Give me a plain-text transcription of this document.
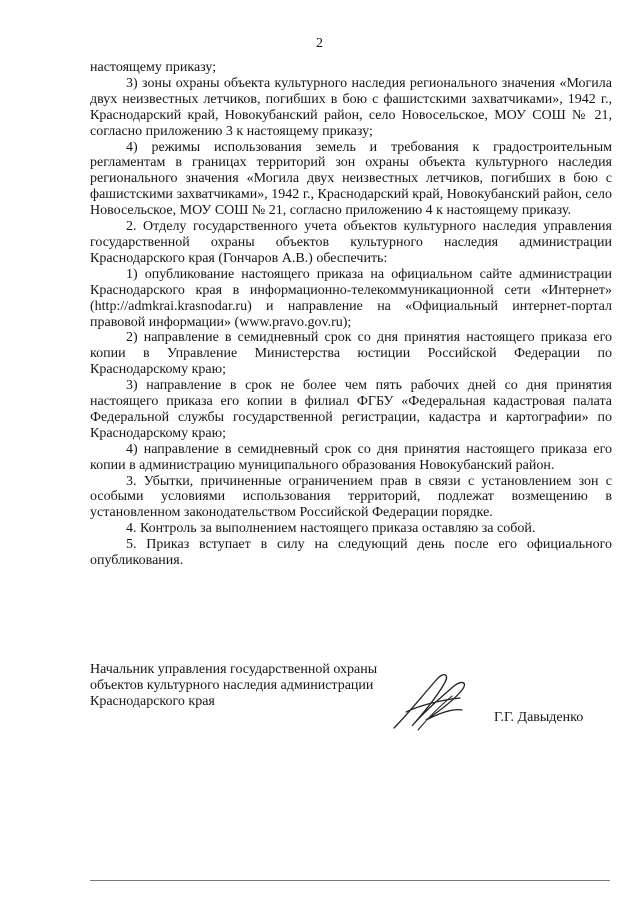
2

настоящему приказу;

3) зоны охраны объекта культурного наследия регионального значения «Могила двух неизвестных летчиков, погибших в бою с фашистскими захватчиками», 1942 г., Краснодарский край, Новокубанский район, село Новосельское, МОУ СОШ № 21, согласно приложению 3 к настоящему приказу;

4) режимы использования земель и требования к градостроительным регламентам в границах территорий зон охраны объекта культурного наследия регионального значения «Могила двух неизвестных летчиков, погибших в бою с фашистскими захватчиками», 1942 г., Краснодарский край, Новокубанский район, село Новосельское, МОУ СОШ № 21, согласно приложению 4 к настоящему приказу.

2. Отделу государственного учета объектов культурного наследия управления государственной охраны объектов культурного наследия администрации Краснодарского края (Гончаров А.В.) обеспечить:

1) опубликование настоящего приказа на официальном сайте администрации Краснодарского края в информационно-телекоммуникационной сети «Интернет» (http://admkrai.krasnodar.ru) и направление на «Официальный интернет-портал правовой информации» (www.pravo.gov.ru);

2) направление в семидневный срок со дня принятия настоящего приказа его копии в Управление Министерства юстиции Российской Федерации по Краснодарскому краю;

3) направление в срок не более чем пять рабочих дней со дня принятия настоящего приказа его копии в филиал ФГБУ «Федеральная кадастровая палата Федеральной службы государственной регистрации, кадастра и картографии» по Краснодарскому краю;

4) направление в семидневный срок со дня принятия настоящего приказа его копии в администрацию муниципального образования Новокубанский район.

3. Убытки, причиненные ограничением прав в связи с установлением зон с особыми условиями использования территорий, подлежат возмещению в установленном законодательством Российской Федерации порядке.

4. Контроль за выполнением настоящего приказа оставляю за собой.

5. Приказ вступает в силу на следующий день после его официального опубликования.

Начальник управления государственной охраны объектов культурного наследия администрации Краснодарского края
Г.Г. Давыденко
